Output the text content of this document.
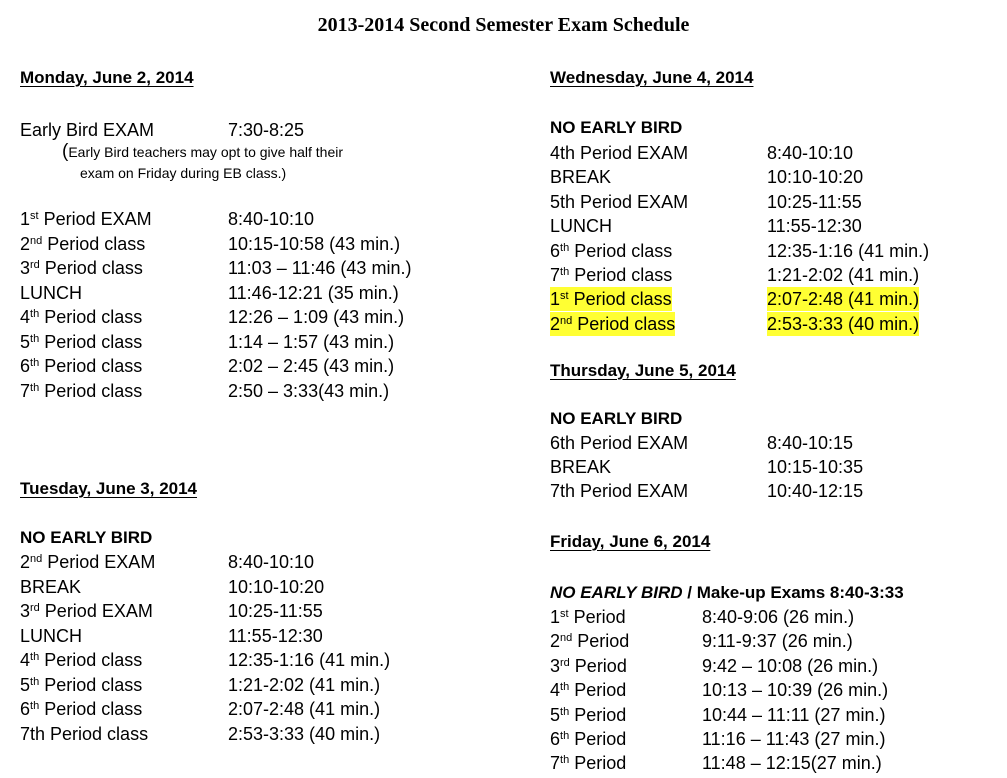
2013-2014 Second Semester Exam Schedule
Monday, June 2, 2014
Early Bird EXAM	7:30-8:25
(Early Bird teachers may opt to give half their
exam on Friday during EB class.)
1st Period EXAM	8:40-10:10
2nd Period class	10:15-10:58 (43 min.)
3rd Period class	11:03 – 11:46 (43 min.)
LUNCH	11:46-12:21 (35 min.)
4th Period class	12:26 – 1:09 (43 min.)
5th Period class	1:14 – 1:57 (43 min.)
6th Period class	2:02 – 2:45 (43 min.)
7th Period class	2:50 – 3:33(43 min.)
Tuesday, June 3, 2014
NO EARLY BIRD
2nd Period EXAM	8:40-10:10
BREAK	10:10-10:20
3rd Period EXAM	10:25-11:55
LUNCH	11:55-12:30
4th Period class	12:35-1:16 (41 min.)
5th Period class	1:21-2:02 (41 min.)
6th Period class	2:07-2:48 (41 min.)
7th Period class	2:53-3:33 (40 min.)
Wednesday, June 4, 2014
NO EARLY BIRD
4th Period EXAM	8:40-10:10
BREAK	10:10-10:20
5th Period EXAM	10:25-11:55
LUNCH	11:55-12:30
6th Period class	12:35-1:16 (41 min.)
7th Period class	1:21-2:02 (41 min.)
1st Period class	2:07-2:48 (41 min.)
2nd Period class	2:53-3:33 (40 min.)
Thursday, June 5, 2014
NO EARLY BIRD
6th Period EXAM	8:40-10:15
BREAK	10:15-10:35
7th Period EXAM	10:40-12:15
Friday, June 6, 2014
NO EARLY BIRD / Make-up Exams 8:40-3:33
1st Period	8:40-9:06 (26 min.)
2nd Period	9:11-9:37 (26 min.)
3rd Period	9:42 – 10:08 (26 min.)
4th Period	10:13 – 10:39 (26 min.)
5th Period	10:44 – 11:11 (27 min.)
6th Period	11:16 – 11:43 (27 min.)
7th Period	11:48 – 12:15(27 min.)
